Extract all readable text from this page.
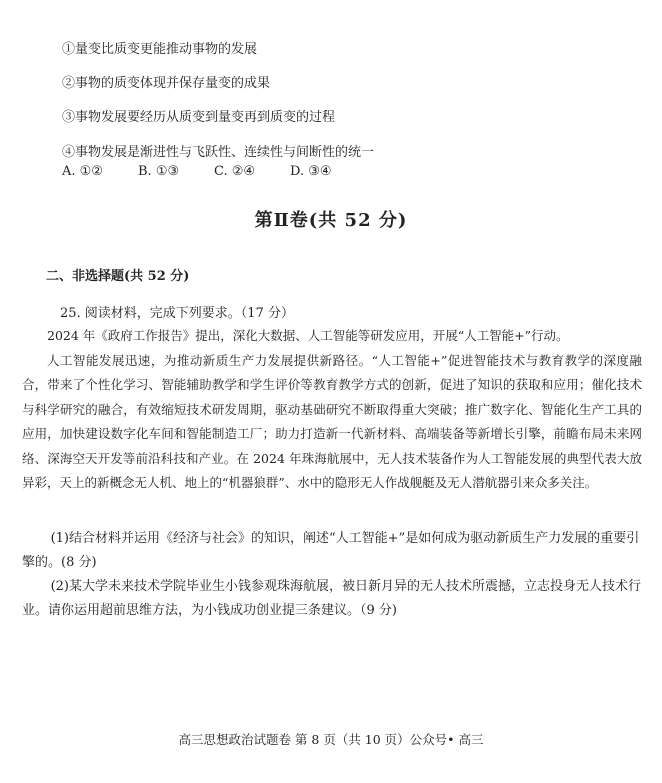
①量变比质变更能推动事物的发展
②事物的质变体现并保存量变的成果
③事物发展要经历从质变到量变再到质变的过程
④事物发展是渐进性与飞跃性、连续性与间断性的统一
A. ①②	B. ①③	C. ②④	D. ③④
第Ⅱ卷(共 52 分)
二、非选择题(共 52 分)
25. 阅读材料，完成下列要求。（17 分）

2024 年《政府工作报告》提出，深化大数据、人工智能等研发应用，开展“人工智能+”行动。

人工智能发展迅速，为推动新质生产力发展提供新路径。“人工智能+”促进智能技术与教育教学的深度融合，带来了个性化学习、智能辅助教学和学生评价等教育教学方式的创新，促进了知识的获取和应用；催化技术与科学研究的融合，有效缩短技术研发周期，驱动基础研究不断取得重大突破；推广数字化、智能化生产工具的应用，加快建设数字化车间和智能制造工厂；助力打造新一代新材料、高端装备等新增长引擎，前瞻布局未来网络、深海空天开发等前沿科技和产业。在 2024 年珠海航展中，无人技术装备作为人工智能发展的典型代表大放异彩，天上的新概念无人机、地上的“机器狼群”、水中的隐形无人作战舰艇及无人潜航器引来众多关注。

(1)结合材料并运用《经济与社会》的知识，阐述“人工智能+”是如何成为驱动新质生产力发展的重要引擎的。(8 分)

(2)某大学未来技术学院毕业生小钱参观珠海航展，被日新月异的无人技术所震撼，立志投身无人技术行业。请你运用超前思维方法，为小钱成功创业提三条建议。（9 分)

高三思想政治试题卷 第 8 页（共 10 页）公众号• 高三
